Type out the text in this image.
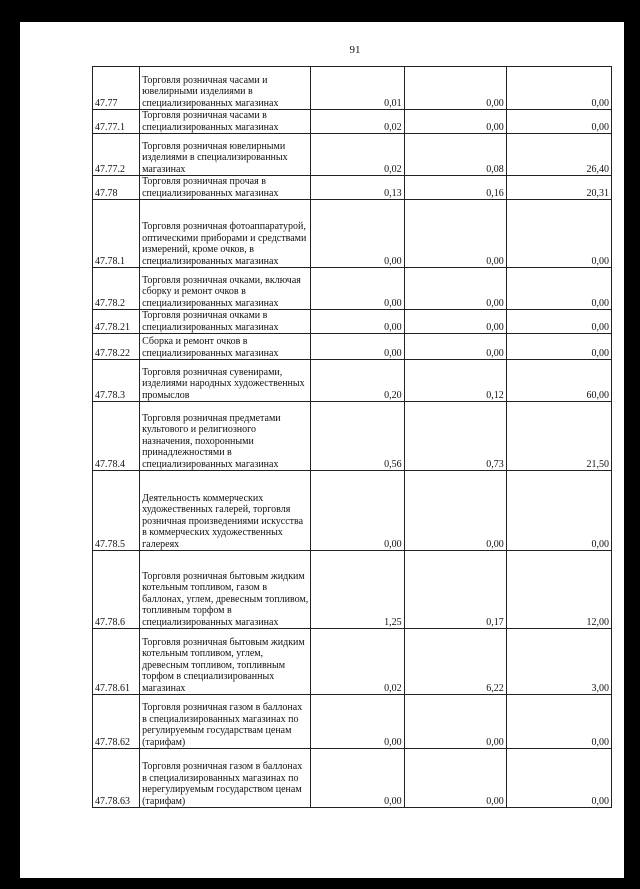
91
47.77	Торговля розничная часами и ювелирными изделиями в специализированных магазинах	0,01	0,00	0,00
47.77.1	Торговля розничная часами в специализированных магазинах	0,02	0,00	0,00
47.77.2	Торговля розничная ювелирными изделиями в специализированных магазинах	0,02	0,08	26,40
47.78	Торговля розничная прочая в специализированных магазинах	0,13	0,16	20,31
47.78.1	Торговля розничная фотоаппаратурой, оптическими приборами и средствами измерений, кроме очков, в специализированных магазинах	0,00	0,00	0,00
47.78.2	Торговля розничная очками, включая сборку и ремонт очков в специализированных магазинах	0,00	0,00	0,00
47.78.21	Торговля розничная очками в специализированных магазинах	0,00	0,00	0,00
47.78.22	Сборка и ремонт очков в специализированных магазинах	0,00	0,00	0,00
47.78.3	Торговля розничная сувенирами, изделиями народных художественных промыслов	0,20	0,12	60,00
47.78.4	Торговля розничная предметами культового и религиозного назначения, похоронными принадлежностями в специализированных магазинах	0,56	0,73	21,50
47.78.5	Деятельность коммерческих художественных галерей, торговля розничная произведениями искусства в коммерческих художественных галереях	0,00	0,00	0,00
47.78.6	Торговля розничная бытовым жидким котельным топливом, газом в баллонах, углем, древесным топливом, топливным торфом в специализированных магазинах	1,25	0,17	12,00
47.78.61	Торговля розничная бытовым жидким котельным топливом, углем, древесным топливом, топливным торфом в специализированных магазинах	0,02	6,22	3,00
47.78.62	Торговля розничная газом в баллонах в специализированных магазинах по регулируемым государствам ценам (тарифам)	0,00	0,00	0,00
47.78.63	Торговля розничная газом в баллонах в специализированных магазинах по нерегулируемым государством ценам (тарифам)	0,00	0,00	0,00
